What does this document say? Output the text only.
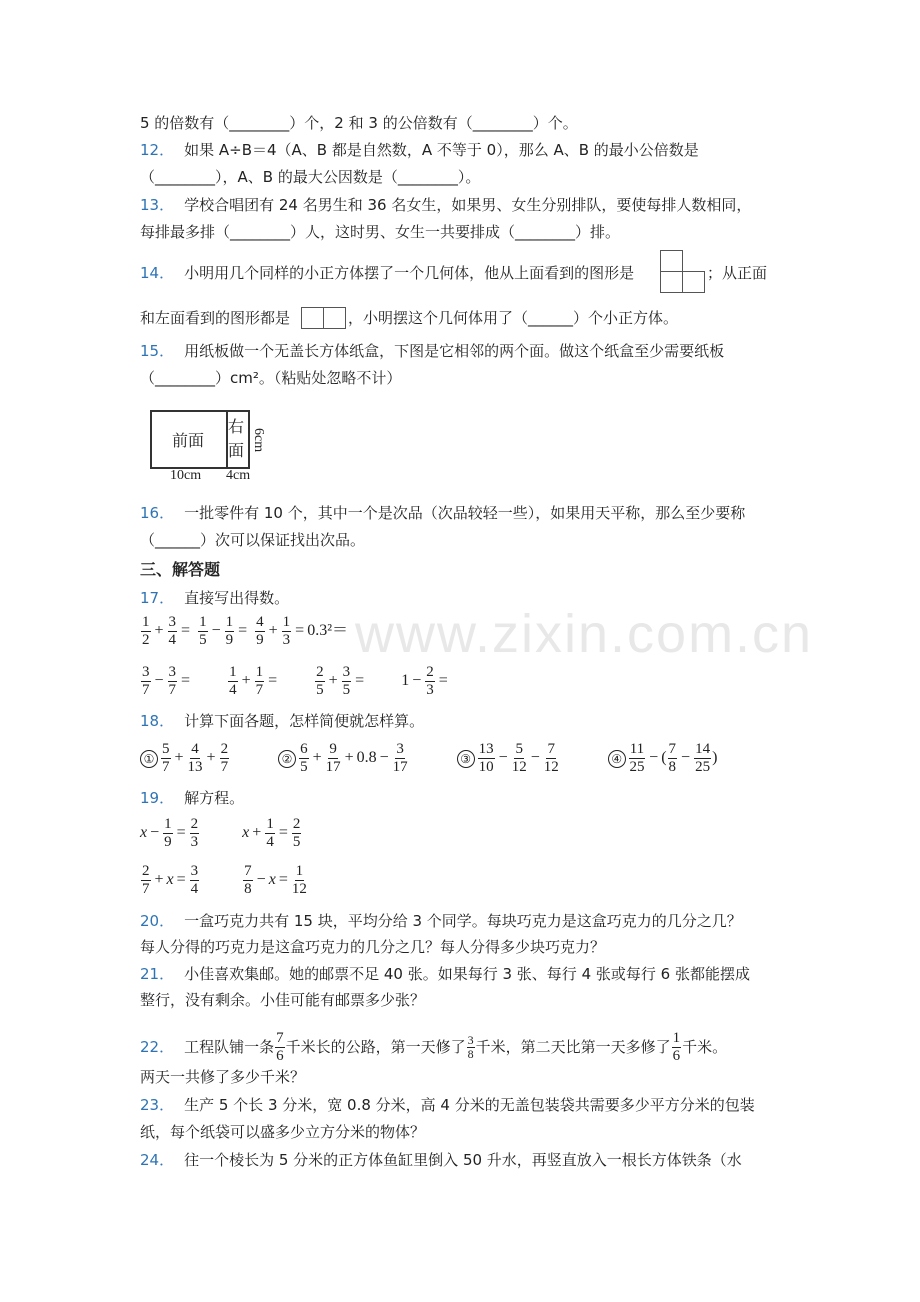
www.zixin.com.cn
5 的倍数有（________）个，2 和 3 的公倍数有（________）个。
12． 如果 A÷B＝4（A、B 都是自然数，A 不等于 0），那么 A、B 的最小公倍数是
（________），A、B 的最大公因数是（________）。
13． 学校合唱团有 24 名男生和 36 名女生，如果男、女生分别排队，要使每排人数相同，
每排最多排（________）人，这时男、女生一共要排成（________）排。
14． 小明用几个同样的小正方体摆了一个几何体，他从上面看到的图形是	；从正面
和左面看到的图形都是	，小明摆这个几何体用了（______）个小正方体。
15． 用纸板做一个无盖长方体纸盒，下图是它相邻的两个面。做这个纸盒至少需要纸板
（________）cm²。（粘贴处忽略不计）
前面
右
面 6cm
10cm 4cm
16． 一批零件有 10 个，其中一个是次品（次品较轻一些），如果用天平称，那么至少要称
（______）次可以保证找出次品。
三、解答题
17． 直接写出得数。
$\frac{1}{2} + \frac{3}{4} = \frac{1}{5} - \frac{1}{9} = \frac{4}{9} + \frac{1}{3} = 0.3^2=$
$\frac{3}{7} - \frac{3}{7}$ =	$\frac{1}{4} + \frac{1}{7}$ =	$\frac{2}{5} + \frac{3}{5} = 1 - \frac{2}{3}$ =
18． 计算下面各题，怎样简便就怎样算。
① $\frac{5}{7} + \frac{4}{13} + \frac{2}{7}$	② $\frac{6}{5} + \frac{9}{17} + 0.8 - \frac{3}{17}$	③ $\frac{13}{10} - \frac{5}{12} - \frac{7}{12}$	④ $\frac{11}{25}$ − ( $\frac{7}{8} - \frac{14}{25}$ )
19． 解方程。
$x - \frac{1}{9} = \frac{2}{3}$	$x + \frac{1}{4} = \frac{2}{5}$
$\frac{2}{7} + x = \frac{3}{4}$
	$\frac{7}{8} - x = \frac{1}{12}$
20． 一盒巧克力共有 15 块，平均分给 3 个同学。每块巧克力是这盒巧克力的几分之几？
每人分得的巧克力是这盒巧克力的几分之几？每人分得多少块巧克力？
21． 小佳喜欢集邮。她的邮票不足 40 张。如果每行 3 张、每行 4 张或每行 6 张都能摆成
整行，没有剩余。小佳可能有邮票多少张？
22． 工程队铺一条 $\frac{7}{6}$ 千米长的公路，第一天修了 $\frac{3}{8}$ 千米，第二天比第一天多修了 $\frac{1}{6}$ 千米。
两天一共修了多少千米？
23． 生产 5 个长 3 分米，宽 0.8 分米，高 4 分米的无盖包装袋共需要多少平方分米的包装
纸，每个纸袋可以盛多少立方分米的物体？
24． 往一个棱长为 5 分米的正方体鱼缸里倒入 50 升水，再竖直放入一根长方体铁条（水
